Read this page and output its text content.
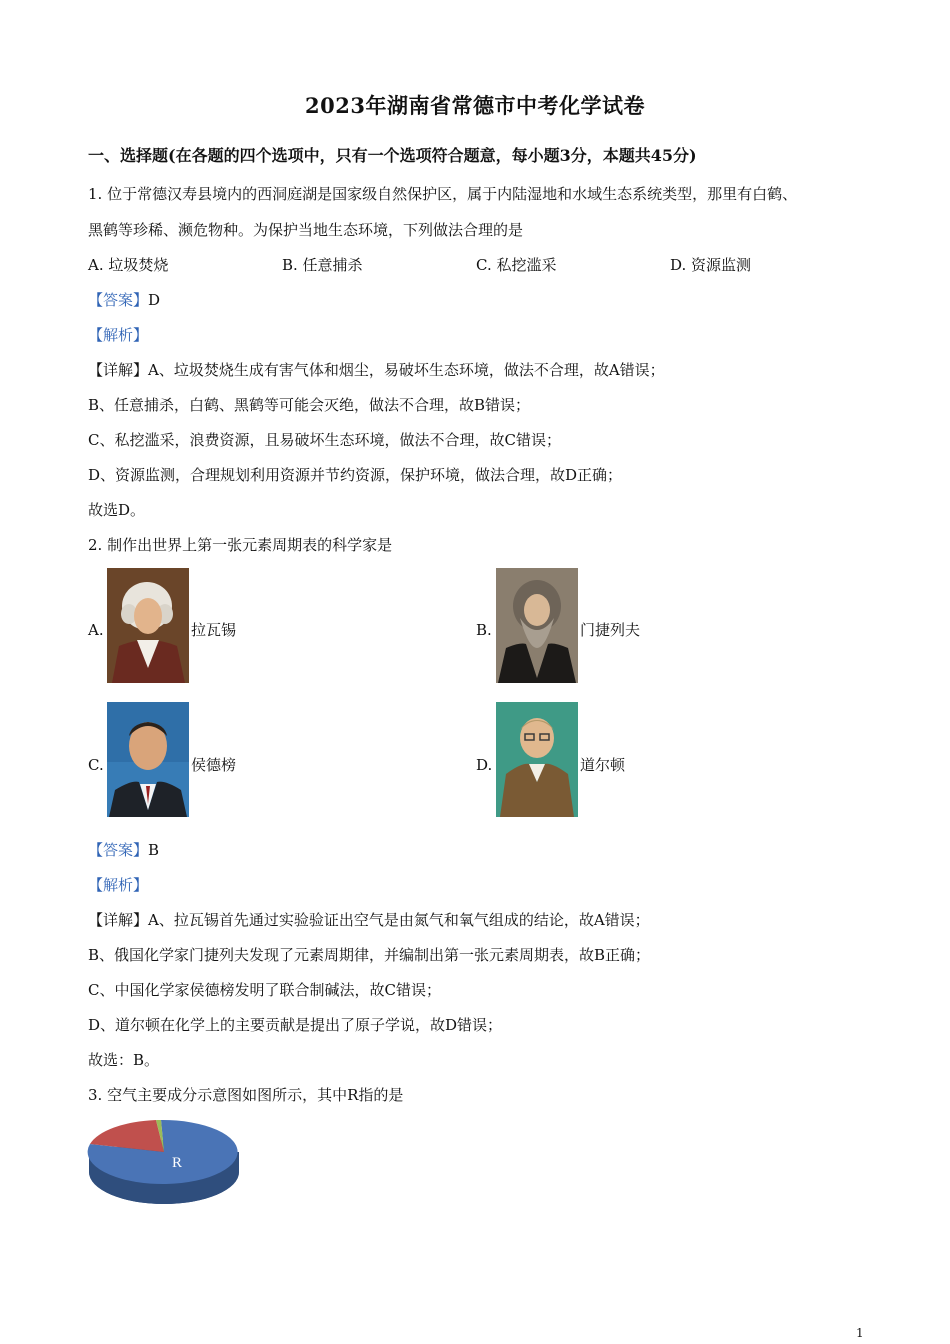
2023年湖南省常德市中考化学试卷
一、选择题(在各题的四个选项中，只有一个选项符合题意，每小题3分，本题共45分)
1. 位于常德汉寿县境内的西洞庭湖是国家级自然保护区，属于内陆湿地和水域生态系统类型，那里有白鹤、
黑鹤等珍稀、濒危物种。为保护当地生态环境，下列做法合理的是
A. 垃圾焚烧	B. 任意捕杀	C. 私挖滥采	D. 资源监测
【答案】D
【解析】
【详解】A、垃圾焚烧生成有害气体和烟尘，易破坏生态环境，做法不合理，故A错误；
B、任意捕杀，白鹤、黑鹤等可能会灭绝，做法不合理，故B错误；
C、私挖滥采，浪费资源，且易破坏生态环境，做法不合理，故C错误；
D、资源监测，合理规划利用资源并节约资源，保护环境，做法合理，故D正确；
故选D。
2. 制作出世界上第一张元素周期表的科学家是
A.	拉瓦锡	B.	门捷列夫
C.	侯德榜	D.	道尔顿
【答案】B
【解析】
【详解】A、拉瓦锡首先通过实验验证出空气是由氮气和氧气组成的结论，故A错误；
B、俄国化学家门捷列夫发现了元素周期律，并编制出第一张元素周期表，故B正确；
C、中国化学家侯德榜发明了联合制碱法，故C错误；
D、道尔顿在化学上的主要贡献是提出了原子学说，故D错误；
故选：B。
3. 空气主要成分示意图如图所示，其中R指的是
R
1
